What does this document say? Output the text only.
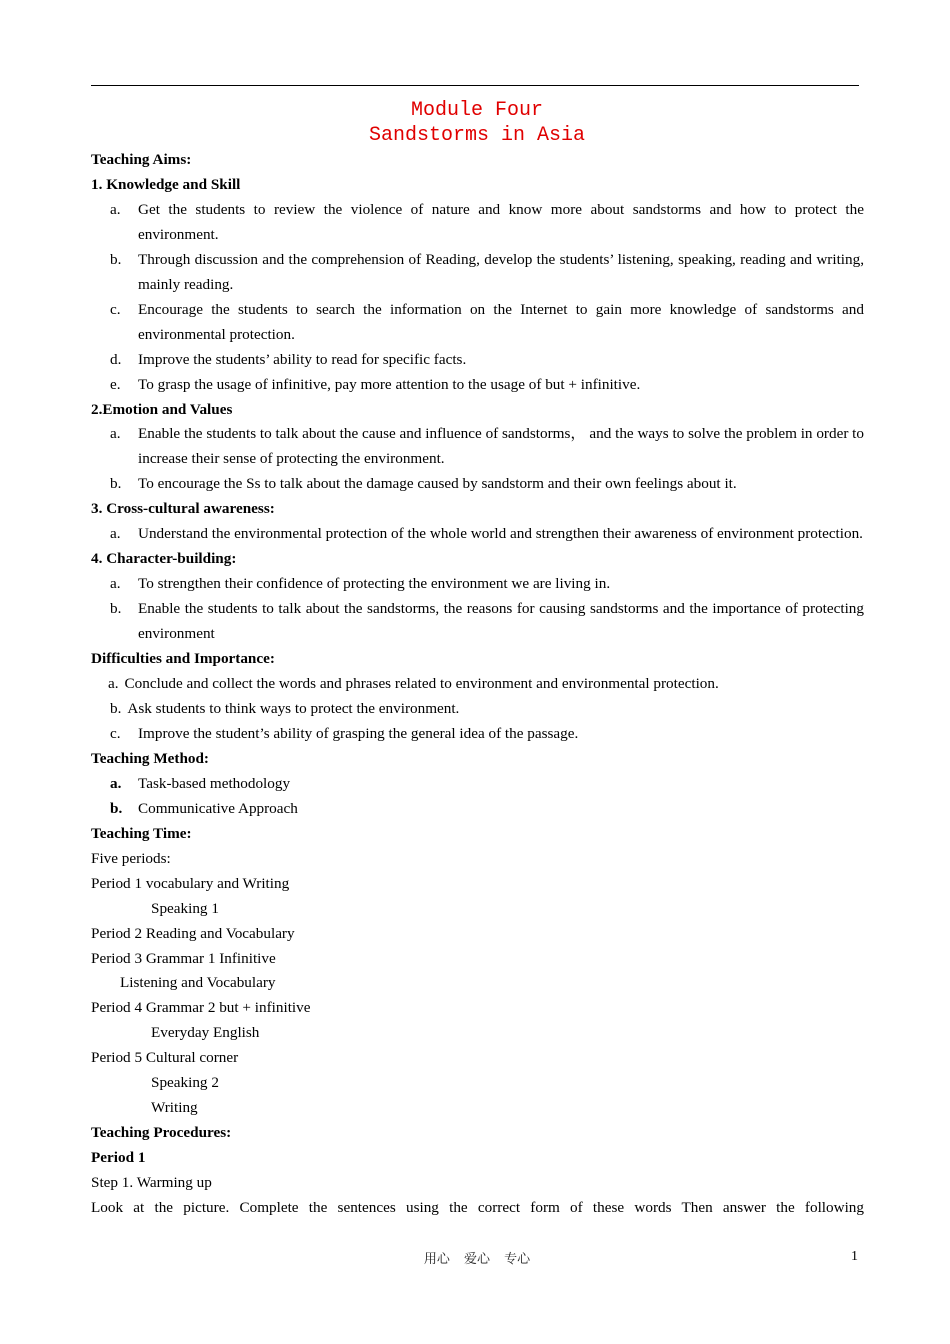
Module Four
Sandstorms in Asia

Teaching Aims:

1. Knowledge and Skill

a. Get the students to review the violence of nature and know more about sandstorms and how to protect the environment.

b. Through discussion and the comprehension of Reading, develop the students’ listening, speaking, reading and writing, mainly reading.

c. Encourage the students to search the information on the Internet to gain more knowledge of sandstorms and environmental protection.

d. Improve the students’ ability to read for specific facts.

e. To grasp the usage of infinitive, pay more attention to the usage of but + infinitive.

2.Emotion and Values

a. Enable the students to talk about the cause and influence of sandstorms， and the ways to solve the problem in order to increase their sense of protecting the environment.

b. To encourage the Ss to talk about the damage caused by sandstorm and their own feelings about it.

3. Cross-cultural awareness:

a. Understand the environmental protection of the whole world and strengthen their awareness of environment protection.

4. Character-building:

a. To strengthen their confidence of protecting the environment we are living in.

b. Enable the students to talk about the sandstorms, the reasons for causing sandstorms and the importance of protecting environment

Difficulties and Importance:

a. Conclude and collect the words and phrases related to environment and environmental protection.

b. Ask students to think ways to protect the environment.

c. Improve the student’s ability of grasping the general idea of the passage.

Teaching Method:

a. Task-based methodology

b. Communicative Approach

Teaching Time:

Five periods:

Period 1 vocabulary and Writing

Speaking 1

Period 2 Reading and Vocabulary

Period 3 Grammar 1 Infinitive

Listening and Vocabulary

Period 4 Grammar 2 but + infinitive

Everyday English

Period 5 Cultural corner

Speaking 2

Writing

Teaching Procedures:

Period 1

Step 1. Warming up

Look at the picture. Complete the sentences using the correct form of these words Then answer the following

用心 爱心 专心	1
